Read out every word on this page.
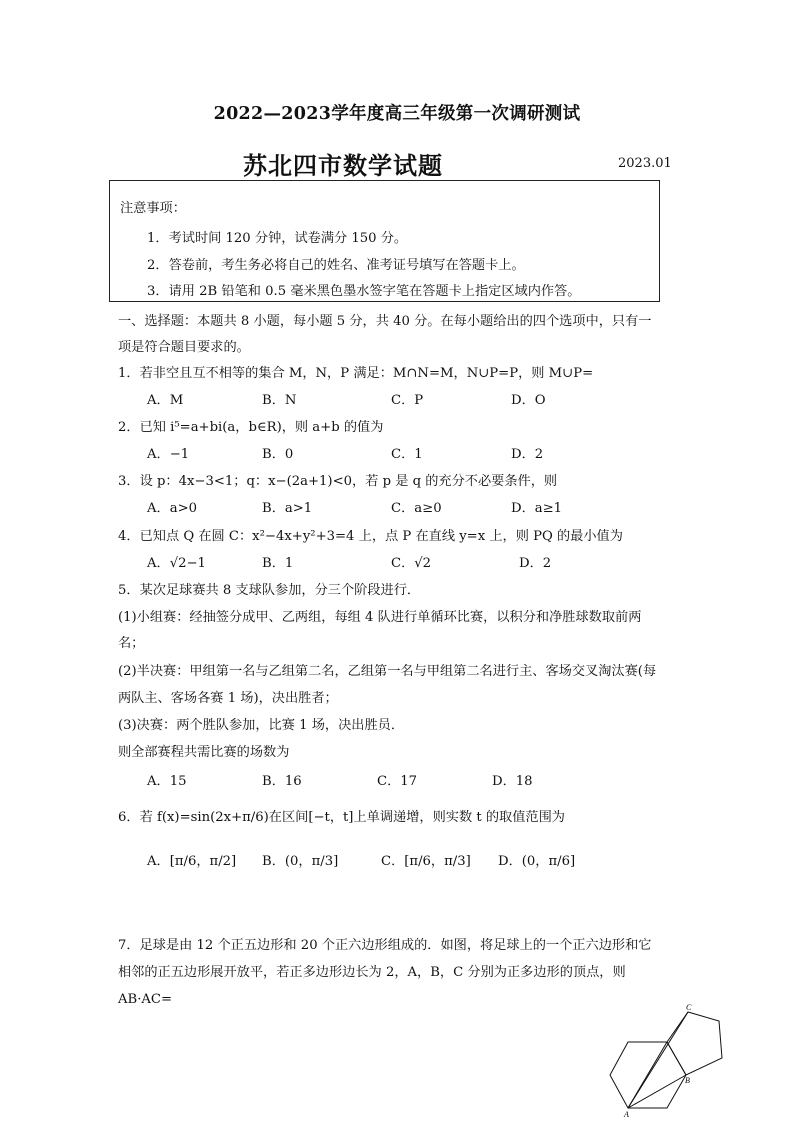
2022—2023学年度高三年级第一次调研测试
苏北四市数学试题	2023.01
注意事项：
1．考试时间 120 分钟，试卷满分 150 分。
2．答卷前，考生务必将自己的姓名、准考证号填写在答题卡上。
3．请用 2B 铅笔和 0.5 毫米黑色墨水签字笔在答题卡上指定区域内作答。
一、选择题：本题共 8 小题，每小题 5 分，共 40 分。在每小题给出的四个选项中，只有一
项是符合题目要求的。
1．若非空且互不相等的集合 M，N，P 满足：M∩N=M，N∪P=P，则 M∪P=
A．M	B．N	C．P	D．O
2．已知 i⁵=a+bi(a，b∈R)，则 a+b 的值为
A．−1	B．0	C．1	D．2
3．设 p：4x−3<1；q：x−(2a+1)<0，若 p 是 q 的充分不必要条件，则
A．a>0	B．a>1	C．a≥0	D．a≥1
4．已知点 Q 在圆 C：x²−4x+y²+3=4 上，点 P 在直线 y=x 上，则 PQ 的最小值为
A．√2−1	B．1	C．√2	D．2
5．某次足球赛共 8 支球队参加，分三个阶段进行．
(1)小组赛：经抽签分成甲、乙两组，每组 4 队进行单循环比赛，以积分和净胜球数取前两
名；
(2)半决赛：甲组第一名与乙组第二名，乙组第一名与甲组第二名进行主、客场交叉淘汰赛(每
两队主、客场各赛 1 场)，决出胜者；
(3)决赛：两个胜队参加，比赛 1 场，决出胜员．
则全部赛程共需比赛的场数为
A．15	B．16	C．17	D．18
6．若 f(x)=sin(2x+π/6)在区间[−t，t]上单调递增，则实数 t 的取值范围为
A．[π/6，π/2] B．(0，π/3]	C．[π/6，π/3] D．(0，π/6]
7．足球是由 12 个正五边形和 20 个正六边形组成的．如图，将足球上的一个正六边形和它
相邻的正五边形展开放平，若正多边形边长为 2，A，B，C 分别为正多边形的顶点，则
AB·AC=
C
B
A
